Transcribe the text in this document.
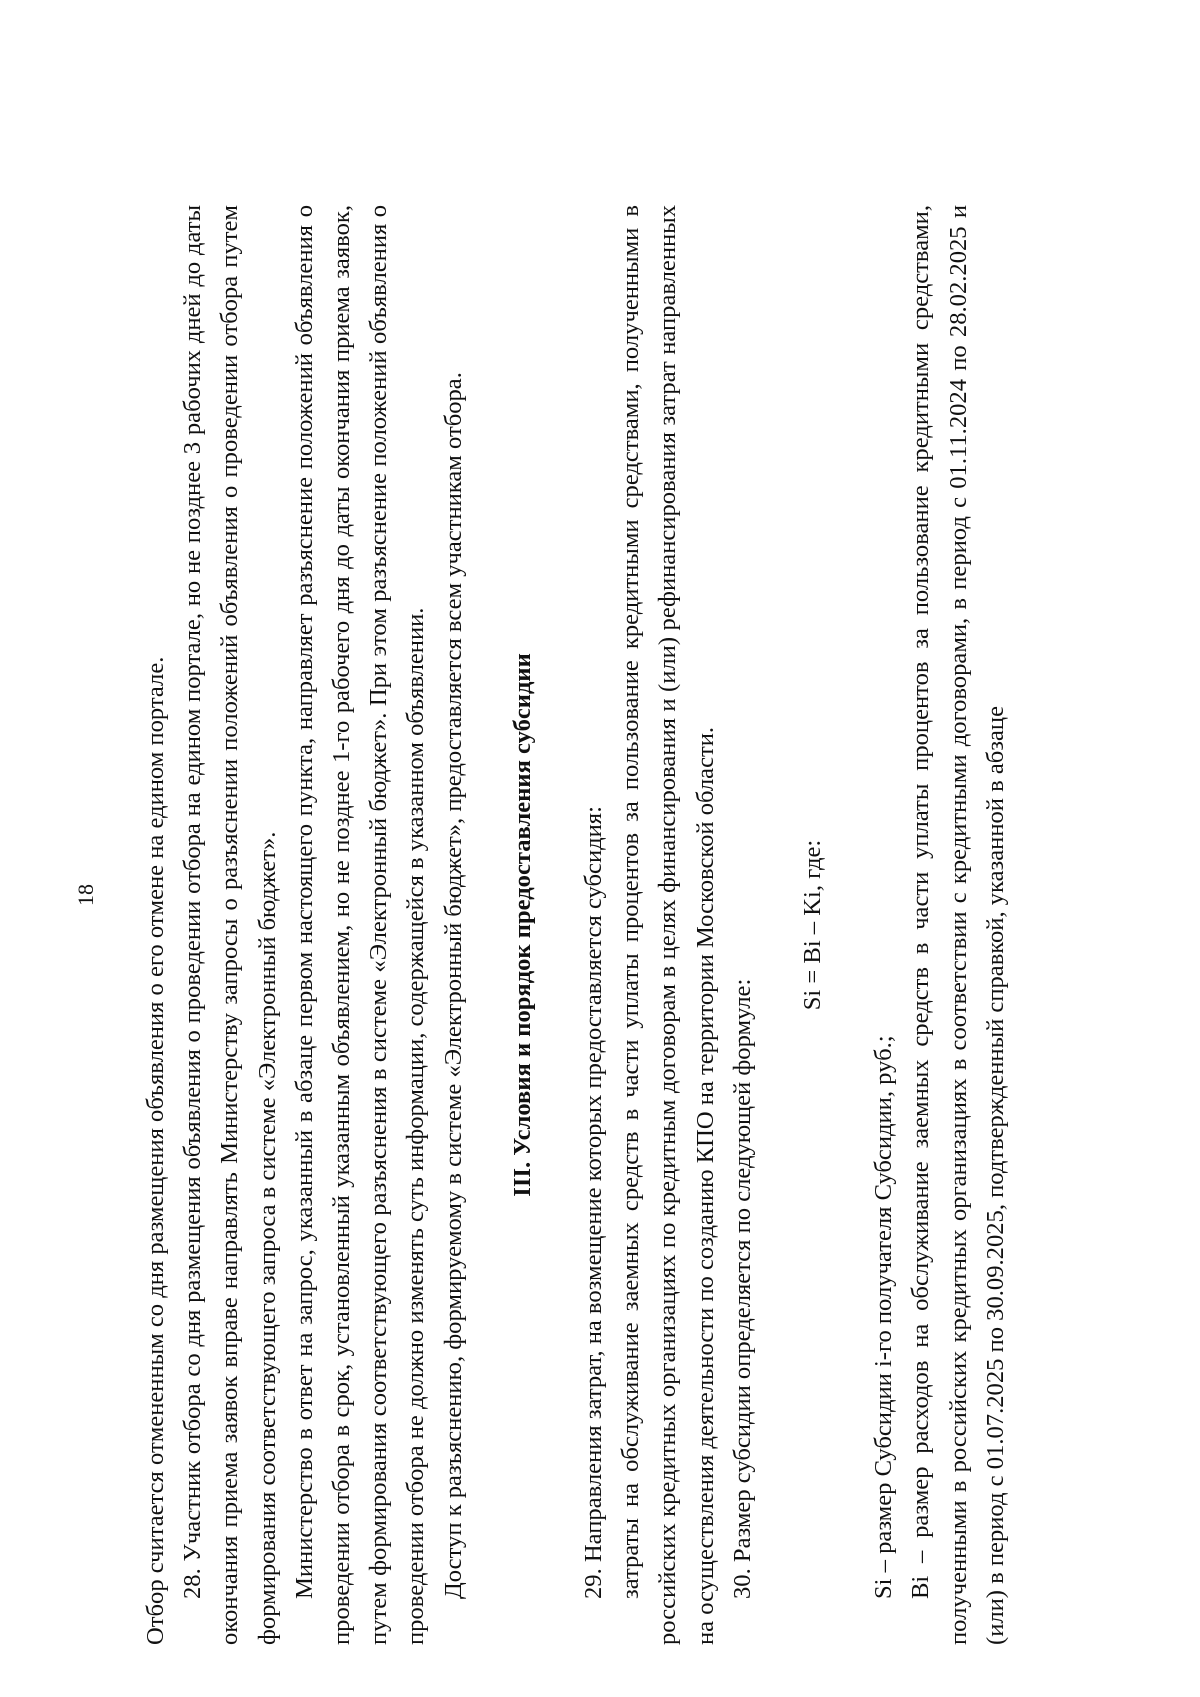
18 Отбор считается отмененным со дня размещения объявления о его отмене на едином портале. 28. Участник отбора со дня размещения объявления о проведении отбора на едином портале, но не позднее 3 рабочих дней до даты окончания приема заявок вправе направлять Министерству запросы о разъяснении положений объявления о проведении отбора путем формирования соответствующего запроса в системе «Электронный бюджет». Министерство в ответ на запрос, указанный в абзаце первом настоящего пункта, направляет разъяснение положений объявления о проведении отбора в срок, установленный указанным объявлением, но не позднее 1-го рабочего дня до даты окончания приема заявок, путем формирования соответствующего разъяснения в системе «Электронный бюджет». При этом разъяснение положений объявления о проведении отбора не должно изменять суть информации, содержащейся в указанном объявлении. Доступ к разъяснению, формируемому в системе «Электронный бюджет», предоставляется всем участникам отбора. III. Условия и порядок предоставления субсидии 29. Направления затрат, на возмещение которых предоставляется субсидия: затраты на обслуживание заемных средств в части уплаты процентов за пользование кредитными средствами, полученными в российских кредитных организациях по кредитным договорам в целях финансирования и (или) рефинансирования затрат направленных на осуществления деятельности по созданию КПО на территории Московской области. 30. Размер субсидии определяется по следующей формуле:

Si = Bi – Ki, где:

Si – размер Субсидии i-го получателя Субсидии, руб.; Bi – размер расходов на обслуживание заемных средств в части уплаты процентов за пользование кредитными средствами, полученными в российских кредитных организациях в соответствии с кредитными договорами, в период с 01.11.2024 по 28.02.2025 и (или) в период с 01.07.2025 по 30.09.2025, подтвержденный справкой, указанной в абзаце
